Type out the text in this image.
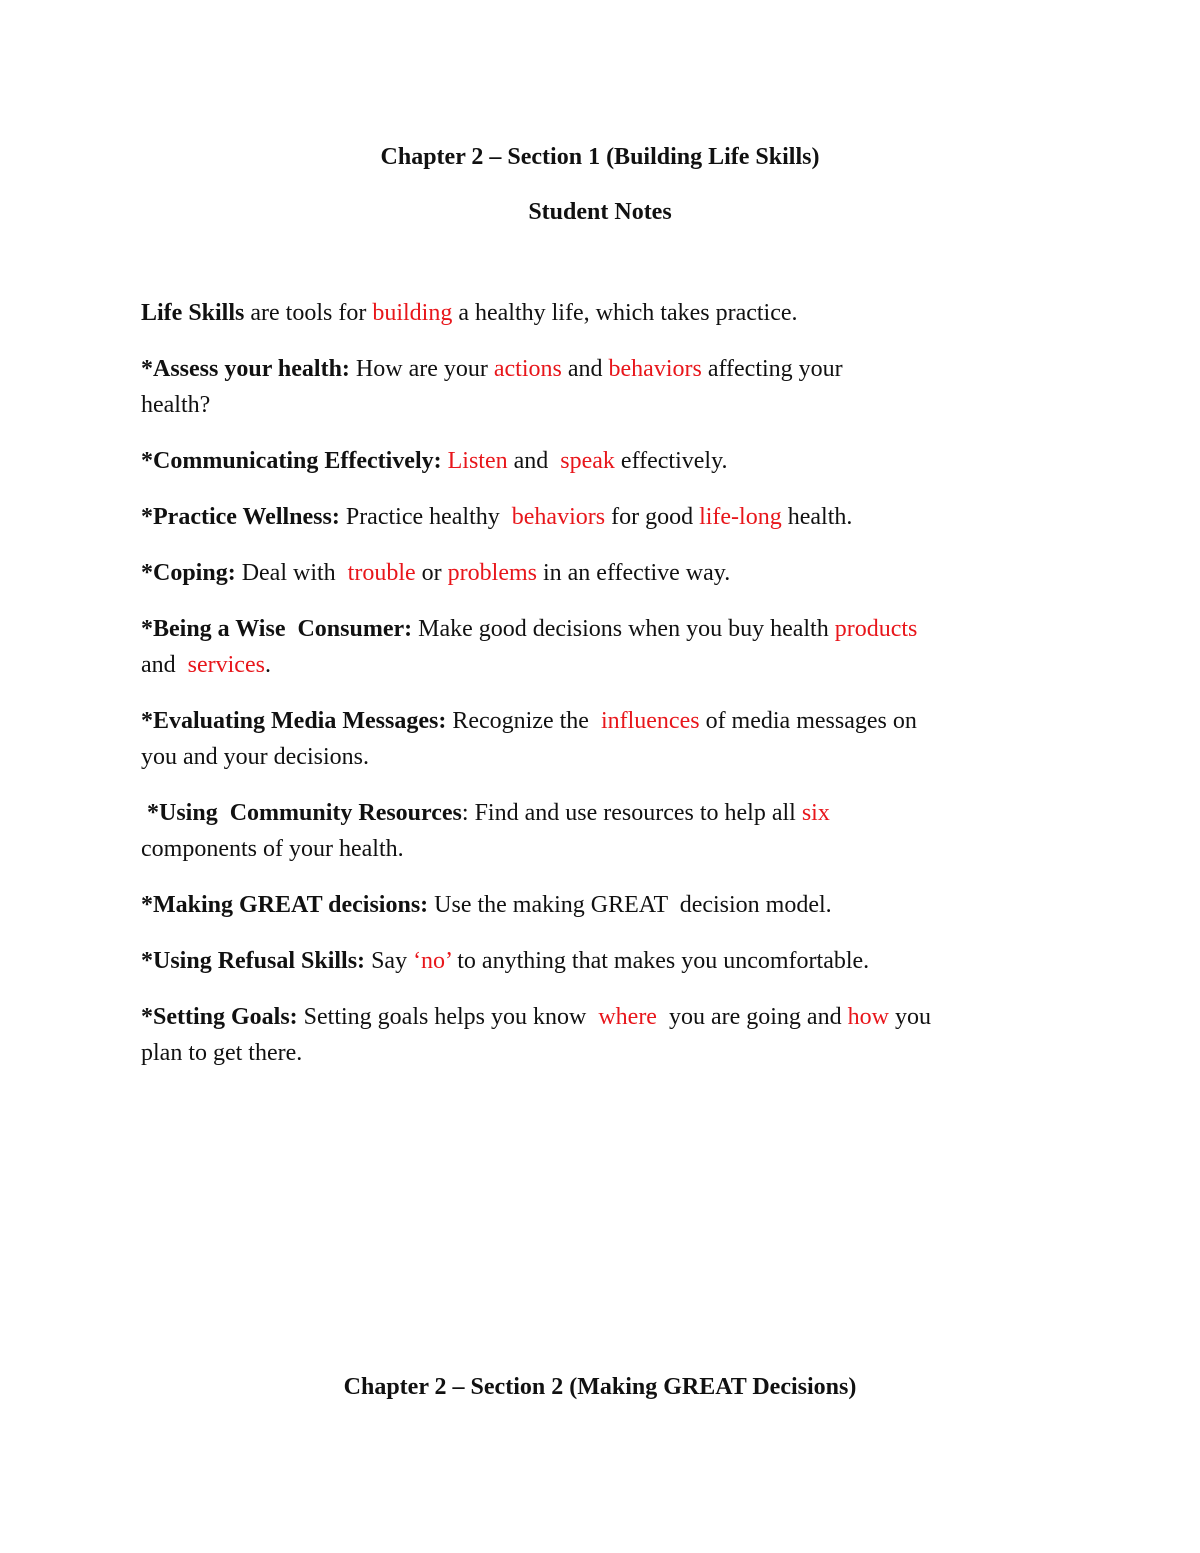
Chapter 2 – Section 1 (Building Life Skills)
Student Notes

Life Skills are tools for building a healthy life, which takes practice.

*Assess your health: How are your actions and behaviors affecting your
health?

*Communicating Effectively: Listen and  speak effectively.

*Practice Wellness: Practice healthy  behaviors for good life-long health.

*Coping: Deal with  trouble or problems in an effective way.

*Being a Wise  Consumer: Make good decisions when you buy health products
and  services.

*Evaluating Media Messages: Recognize the  influences of media messages on
you and your decisions.

*Using  Community Resources: Find and use resources to help all six
components of your health.

*Making GREAT decisions: Use the making GREAT  decision model.

*Using Refusal Skills: Say ‘no’ to anything that makes you uncomfortable.

*Setting Goals: Setting goals helps you know  where  you are going and how you
plan to get there.

Chapter 2 – Section 2 (Making GREAT Decisions)
